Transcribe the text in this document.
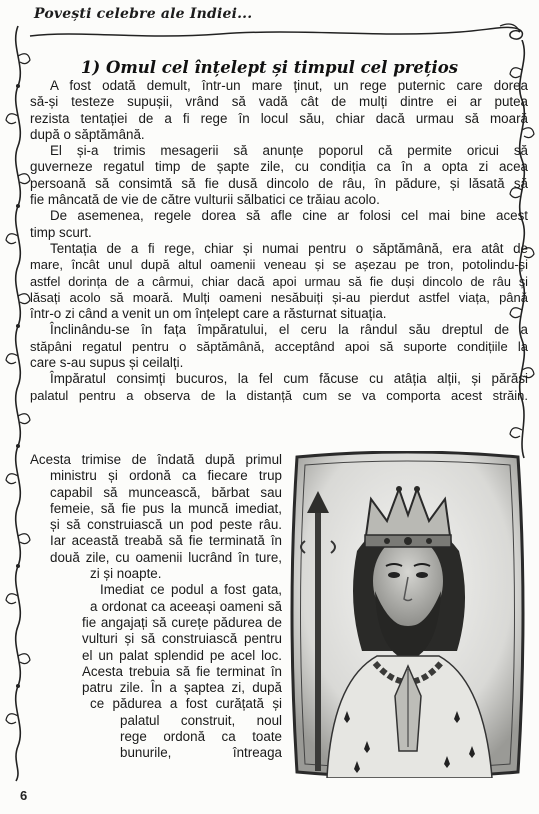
Povești celebre ale Indiei...
1) Omul cel înțelept și timpul cel prețios
A fost odată demult, într-un mare ținut, un rege puternic care dorea
să-și testeze supușii, vrând să vadă cât de mulți dintre ei ar putea
rezista tentației de a fi rege în locul său, chiar dacă urmau să moară
după o săptămână.
El și-a trimis mesagerii să anunțe poporul că permite oricui să
guverneze regatul timp de șapte zile, cu condiția ca în a opta zi acea
persoană să consimtă să fie dusă dincolo de râu, în pădure, și lăsată să
fie mâncată de vie de către vulturii sălbatici ce trăiau acolo.
De asemenea, regele dorea să afle cine ar folosi cel mai bine acest
timp scurt.
Tentația de a fi rege, chiar și numai pentru o săptămână, era atât de
mare, încât unul după altul oamenii veneau și se așezau pe tron, potolindu-și
astfel dorința de a cârmui, chiar dacă apoi urmau să fie duși dincolo de râu și
lăsați acolo să moară. Mulți oameni nesăbuiți și-au pierdut astfel viața, până
într-o zi când a venit un om înțelept care a răsturnat situația.
Înclinându-se în fața împăratului, el ceru la rândul său dreptul de a
stăpâni regatul pentru o săptămână, acceptând apoi să suporte condițiile la
care s-au supus și ceilalți.
Împăratul consimți bucuros, la fel cum făcuse cu atâția alții, și părăsi
palatul pentru a observa de la distanță cum se va comporta acest străin.
Acesta trimise de îndată după primul
ministru și ordonă ca fiecare trup
capabil să muncească, bărbat sau
femeie, să fie pus la muncă imediat,
și să construiască un pod peste râu.
Iar această treabă să fie terminată în
două zile, cu oamenii lucrând în ture,
zi și noapte.
Imediat ce podul a fost gata,
a ordonat ca aceeași oameni să
fie angajați să curețe pădurea de
vulturi și să construiască pentru
el un palat splendid pe acel loc.
Acesta trebuia să fie terminat în
patru zile. În a șaptea zi, după
ce pădurea a fost curățată și
palatul construit, noul
rege ordonă ca toate
bunurile, întreaga
6
